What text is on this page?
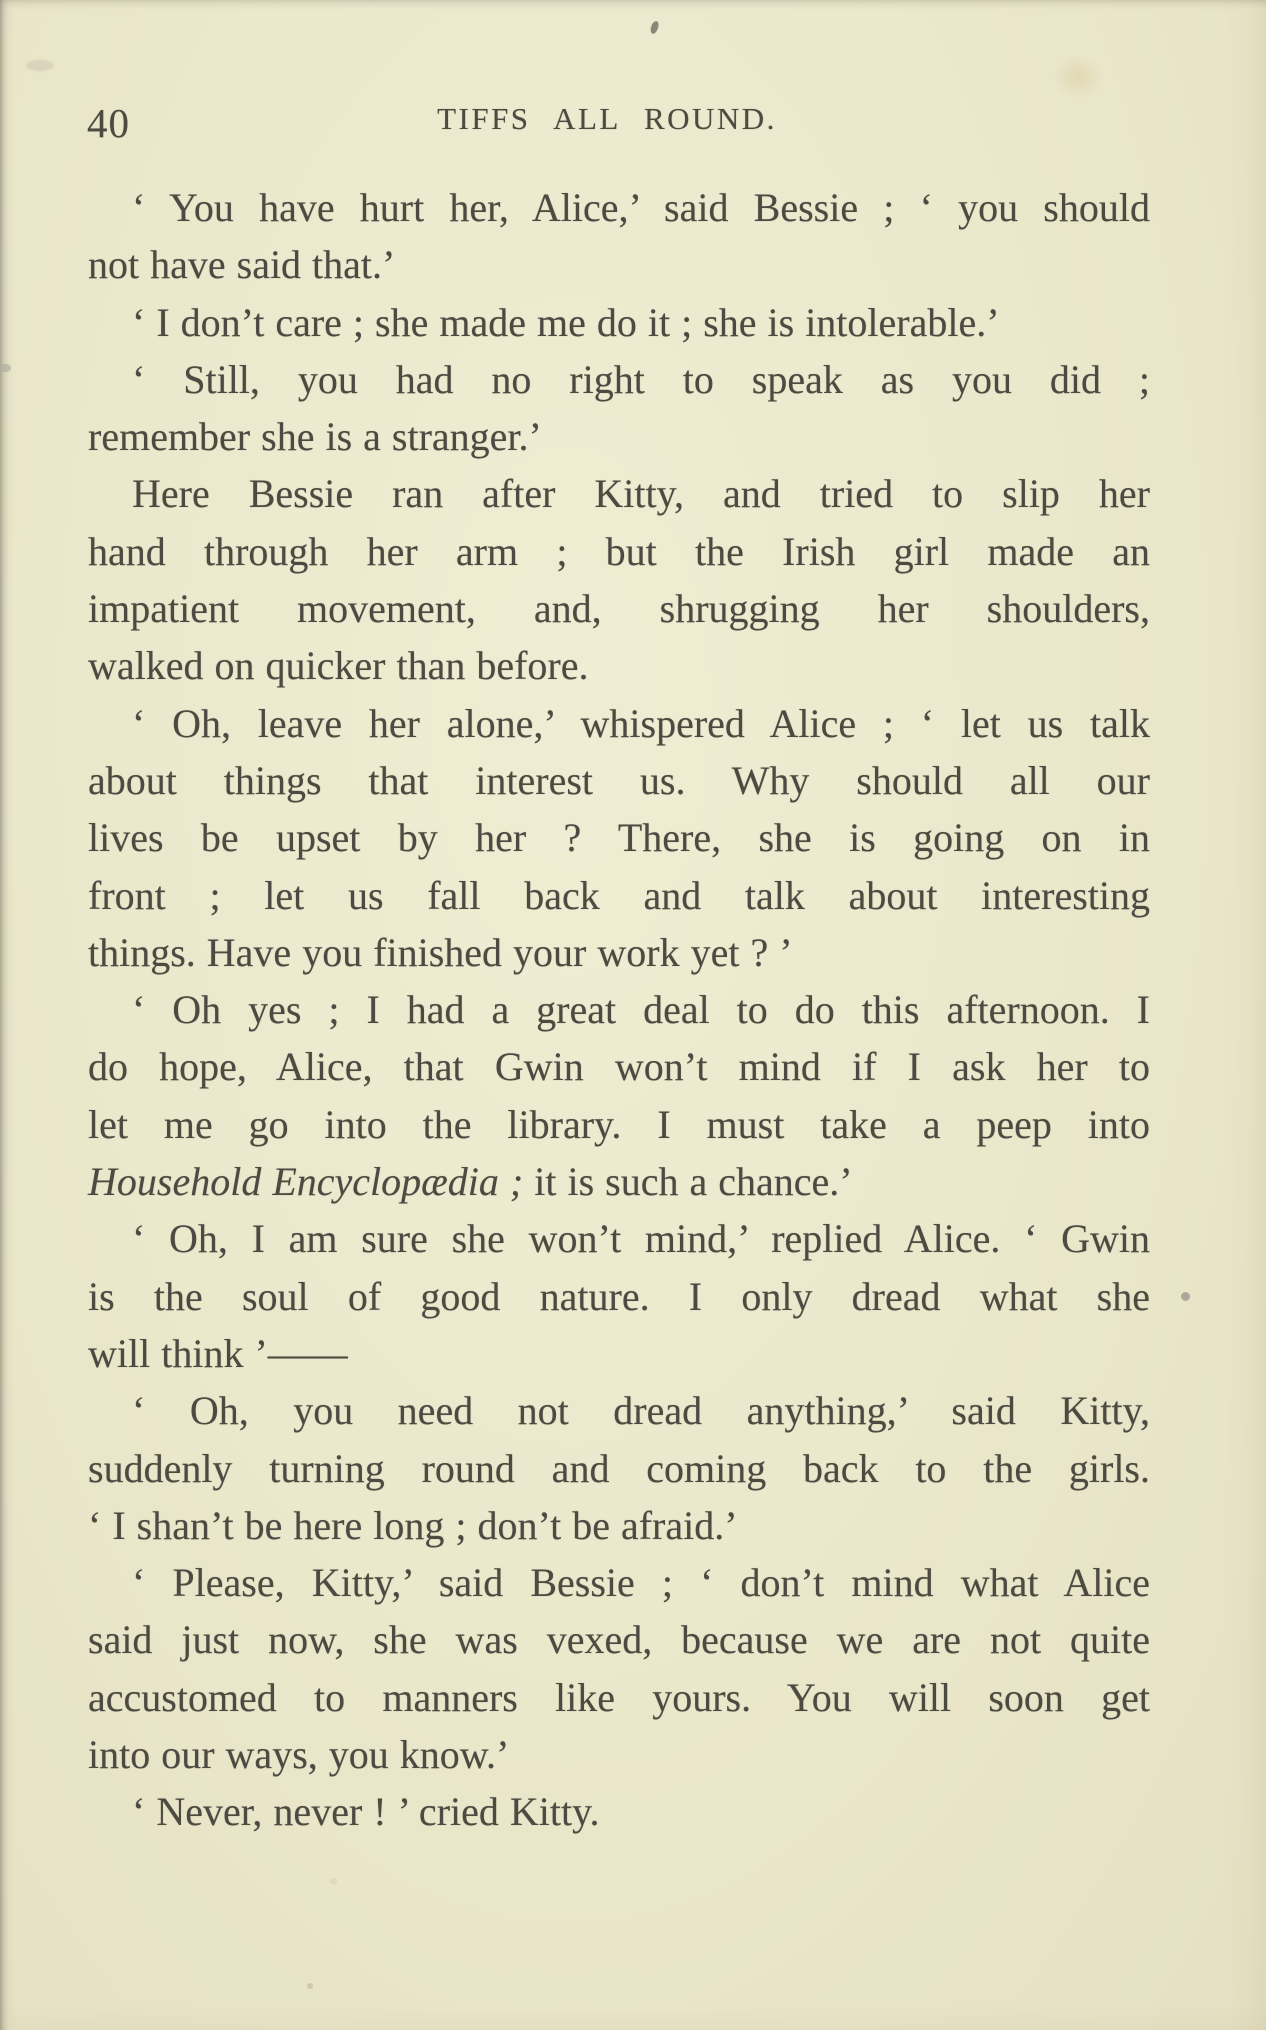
40	TIFFS ALL ROUND.
‘ You have hurt her, Alice,’ said Bessie ; ‘ you should
not have said that.’
‘ I don’t care ; she made me do it ; she is intolerable.’
‘ Still, you had no right to speak as you did ;
remember she is a stranger.’
Here Bessie ran after Kitty, and tried to slip her
hand through her arm ; but the Irish girl made an
impatient movement, and, shrugging her shoulders,
walked on quicker than before.
‘ Oh, leave her alone,’ whispered Alice ; ‘ let us talk
about things that interest us. Why should all our
lives be upset by her ? There, she is going on in
front ; let us fall back and talk about interesting
things. Have you finished your work yet ? ’
‘ Oh yes ; I had a great deal to do this afternoon. I
do hope, Alice, that Gwin won’t mind if I ask her to
let me go into the library. I must take a peep into
Household Encyclopædia ; it is such a chance.’
‘ Oh, I am sure she won’t mind,’ replied Alice. ‘ Gwin
is the soul of good nature. I only dread what she
will think ’——
‘ Oh, you need not dread anything,’ said Kitty,
suddenly turning round and coming back to the girls.
‘ I shan’t be here long ; don’t be afraid.’
‘ Please, Kitty,’ said Bessie ; ‘ don’t mind what Alice
said just now, she was vexed, because we are not quite
accustomed to manners like yours. You will soon get
into our ways, you know.’
‘ Never, never ! ’ cried Kitty.
